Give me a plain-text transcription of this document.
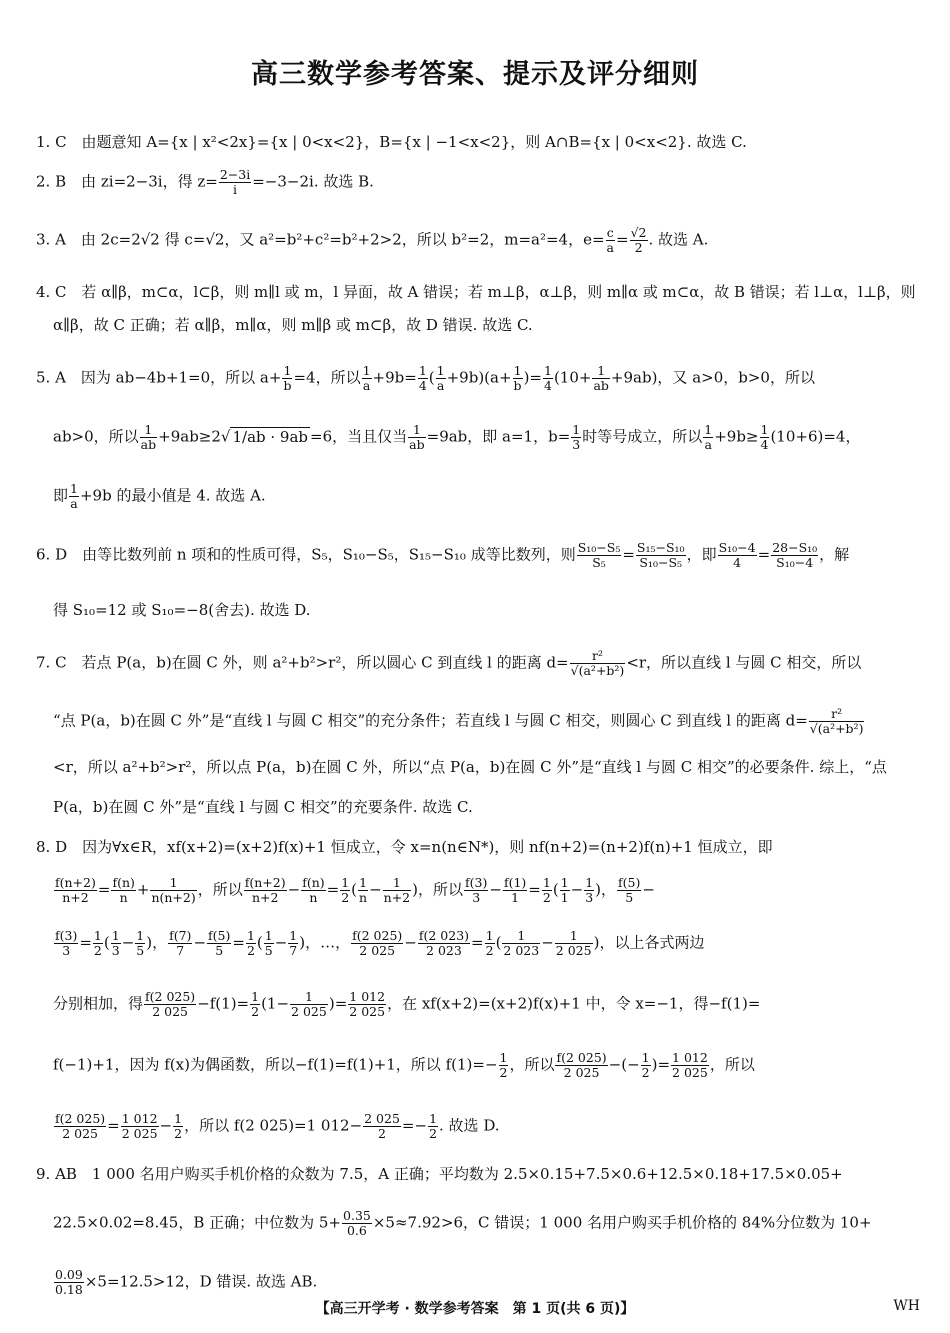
高三数学参考答案、提示及评分细则
1. C　由题意知 A={x | x²<2x}={x | 0<x<2}，B={x | −1<x<2}，则 A∩B={x | 0<x<2}. 故选 C.
2. B　由 zi=2−3i，得 $z= \frac{2-3i}{i} =-3-2i$. 故选 B.
3. A　由 2c=2√2 得 c=√2，又 a²=b²+c²=b²+2>2，所以 b²=2，m=a²=4，$e= \frac{c}{a} = \frac{√2}{2}$ . 故选 A.
4. C　若 α∥β，m⊂α，l⊂β，则 m∥l 或 m，l 异面，故 A 错误；若 m⊥β，α⊥β，则 m∥α 或 m⊂α，故 B 错误；若 l⊥α，l⊥β，则
α∥β，故 C 正确；若 α∥β，m∥α，则 m∥β 或 m⊂β，故 D 错误. 故选 C.
5. A　因为 ab−4b+1=0，所以 $a+ \frac{1}{b} =4$，所以 $\frac{1}{a} +9b= \frac{1}{4}$ ( $\frac{1}{a} +9b)(a+ \frac{1}{b}$ )= $\frac{1}{4} (10+ \frac{1}{ab} +9ab)$，又 a>0，b>0，所以
ab>0，所以 $\frac{1}{ab} +9ab\ge 2√$ 1/ab · 9ab =6，当且仅当 $\frac{1}{ab} =9ab$，即 a=1，$b= \frac{1}{3}$ 时等号成立，所以 $\frac{1}{a} +9b\ge \frac{1}{4} (10+6)=4$，
即 $\frac{1}{a} +9b$ 的最小值是 4. 故选 A.
6. D　由等比数列前 n 项和的性质可得，S₅，S₁₀−S₅，S₁₅−S₁₀ 成等比数列，则 $\frac{\text{S₁₀−S₅}}{\text{S₅}} = \frac{\text{S₁₅−S₁₀}}{\text{S₁₀−S₅}}$ ，即 $\frac{\text{S₁₀−4}}{4} = \frac{\text{28−S₁₀}}{\text{S₁₀−4}}$ ，解
得 S₁₀=12 或 S₁₀=−8(舍去). 故选 D.
7. C　若点 P(a，b)在圆 C 外，则 a²+b²>r²，所以圆心 C 到直线 l 的距离 $d= \frac{\text{r²}}{\text{√(a²+b²)}} <r$，所以直线 l 与圆 C 相交，所以
“点 P(a，b)在圆 C 外”是“直线 l 与圆 C 相交”的充分条件；若直线 l 与圆 C 相交，则圆心 C 到直线 l 的距离 $d= \frac{\text{r²}}{\text{√(a²+b²)}}$
<r，所以 a²+b²>r²，所以点 P(a，b)在圆 C 外，所以“点 P(a，b)在圆 C 外”是“直线 l 与圆 C 相交”的必要条件. 综上，“点
P(a，b)在圆 C 外”是“直线 l 与圆 C 相交”的充要条件. 故选 C.
8. D　因为∀x∈R，xf(x+2)=(x+2)f(x)+1 恒成立，令 x=n(n∈N*)，则 nf(n+2)=(n+2)f(n)+1 恒成立，即
$\frac{f(n+2)}{n+2} = \frac{f(n)}{n} + \frac{1}{n(n+2)}$ ，所以 $\frac{f(n+2)}{n+2} - \frac{f(n)}{n} = \frac{1}{2}$ ( $\frac{1}{n} - \frac{1}{n+2}$ )，所以 $\frac{f(3)}{3} - \frac{f(1)}{1} = \frac{1}{2}$ ( $\frac{1}{1} - \frac{1}{3}$ )， $\frac{f(5)}{5}$ −
$\frac{f(3)}{3} = \frac{1}{2}$ ( $\frac{1}{3} - \frac{1}{5}$ )， $\frac{f(7)}{7} - \frac{f(5)}{5} = \frac{1}{2}$ ( $\frac{1}{5} - \frac{1}{7}$ )，…， $\frac{f(2 025)}{2 025} - \frac{f(2 023)}{2 023} = \frac{1}{2}$ ( $\frac{1}{2 023} - \frac{1}{2 025}$ )，以上各式两边
分别相加，得 $\frac{f(2 025)}{2 025} -f(1)= \frac{1}{2} (1- \frac{1}{2 025}$ )= $\frac{1 012}{2 025}$ ，在 xf(x+2)=(x+2)f(x)+1 中，令 x=−1，得−f(1)=
f(−1)+1，因为 f(x)为偶函数，所以−f(1)=f(1)+1，所以 $f(1)=- \frac{1}{2}$ ，所以 $\frac{f(2 025)}{2 025}$ −(− $\frac{1}{2}$ )= $\frac{1 012}{2 025}$ ，所以
$\frac{f(2 025)}{2 025} = \frac{1 012}{2 025} - \frac{1}{2}$ ，所以 f(2 025)=1 $012- \frac{2 025}{2} =- \frac{1}{2}$ . 故选 D.
9. AB　1 000 名用户购买手机价格的众数为 7.5，A 正确；平均数为 2.5×0.15+7.5×0.6+12.5×0.18+17.5×0.05+
22.5×0.02=8.45，B 正确；中位数为 $5+ \frac{0.35}{0.6} \times 5\approx 7.92>6$，C 错误；1 000 名用户购买手机价格的 84%分位数为 10+
$\frac{0.09}{0.18} \times 5=12.5>12$，D 错误. 故选 AB.
【高三开学考 · 数学参考答案　第 1 页(共 6 页)】	WH
